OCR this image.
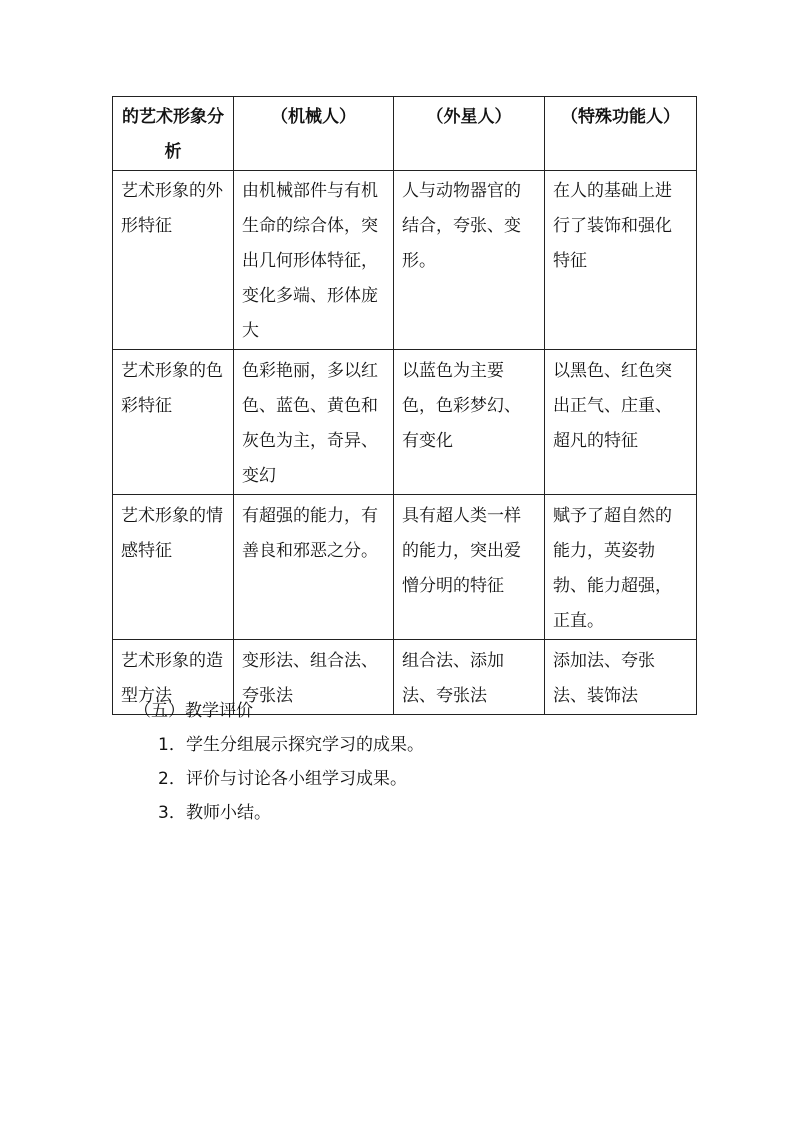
的艺术形象分析	（机械人）	（外星人）	（特殊功能人）
艺术形象的外形特征	由机械部件与有机生命的综合体，突出几何形体特征，变化多端、形体庞大	人与动物器官的结合，夸张、变形。	在人的基础上进行了装饰和强化特征
艺术形象的色彩特征	色彩艳丽，多以红色、蓝色、黄色和灰色为主，奇异、变幻	以蓝色为主要色，色彩梦幻、有变化	以黑色、红色突出正气、庄重、超凡的特征
艺术形象的情感特征	有超强的能力，有善良和邪恶之分。	具有超人类一样的能力，突出爱憎分明的特征	赋予了超自然的能力，英姿勃勃、能力超强，正直。
艺术形象的造型方法	变形法、组合法、夸张法	组合法、添加法、夸张法	添加法、夸张法、装饰法
（五）教学评价
1． 学生分组展示探究学习的成果。
2． 评价与讨论各小组学习成果。
3． 教师小结。
